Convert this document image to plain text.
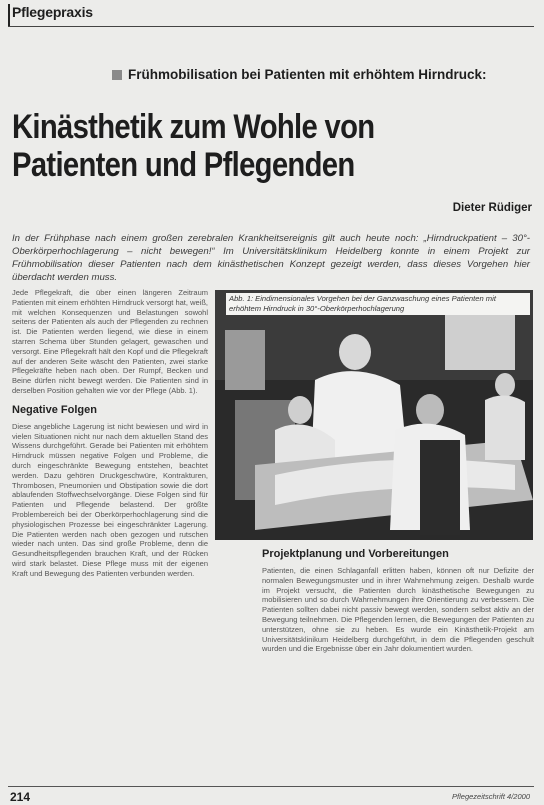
Pflegepraxis
Frühmobilisation bei Patienten mit erhöhtem Hirndruck:
Kinästhetik zum Wohle von
Patienten und Pflegenden
Dieter Rüdiger
In der Frühphase nach einem großen zerebralen Krankheitsereignis gilt auch heute noch: „Hirndruckpatient – 30°-Oberkörperhochlagerung – nicht bewegen!“ Im Universitätsklinikum Heidelberg konnte in einem Projekt zur Frühmobilisation dieser Patienten nach dem kinästhetischen Konzept gezeigt werden, dass dieses Vorgehen hier überdacht werden muss.

Jede Pflegekraft, die über einen längeren Zeitraum Patienten mit einem erhöhten Hirndruck versorgt hat, weiß, mit welchen Konsequenzen und Belastungen sowohl seitens der Patienten als auch der Pflegenden zu rechnen ist. Die Patienten werden liegend, wie diese in einem starren Schema über Stunden gelagert, gewaschen und versorgt. Eine Pflegekraft hält den Kopf und die Pflegekraft auf der anderen Seite wäscht den Patienten, zwei starke Pflegekräfte heben nach oben. Der Rumpf, Becken und Beine dürfen nicht bewegt werden. Die Patienten sind in derselben Position gehalten wie vor der Pflege (Abb. 1).

Negative Folgen

Diese angebliche Lagerung ist nicht bewiesen und wird in vielen Situationen nicht nur nach dem aktuellen Stand des Wissens durchgeführt. Gerade bei Patienten mit erhöhtem Hirndruck müssen negative Folgen und Probleme, die durch eingeschränkte Bewegung entstehen, beachtet werden. Dazu gehören Druckgeschwüre, Kontrakturen, Thrombosen, Pneumonien und Obstipation sowie die dort ablaufenden Stoffwechselvorgänge. Diese Folgen sind für Patienten und Pflegende belastend. Der größte Problembereich bei der Oberkörperhochlagerung sind die physiologischen Prozesse bei eingeschränkter Lagerung. Die Patienten werden nach oben gezogen und rutschen wieder nach unten. Das sind große Probleme, denn die Gesundheitspflegenden brauchen Kraft, und der Rücken wird stark belastet. Diese Pflege muss mit der eigenen Kraft und Bewegung des Patienten verbunden werden.

Abb. 1: Eindimensionales Vorgehen bei der Ganzwaschung eines Patienten mit erhöhtem Hirndruck in 30°-Oberkörperhochlagerung
Projektplanung und Vorbereitungen

Patienten, die einen Schlaganfall erlitten haben, können oft nur Defizite der normalen Bewegungsmuster und in ihrer Wahrnehmung zeigen. Deshalb wurde im Projekt versucht, die Patienten durch kinästhetische Bewegungen zu mobilisieren und so durch Wahrnehmungen ihre Orientierung zu verbessern. Die Patienten sollten dabei nicht passiv bewegt werden, sondern selbst aktiv an der Bewegung teilnehmen. Die Pflegenden lernen, die Bewegungen der Patienten zu unterstützen, ohne sie zu heben. Es wurde ein Kinästhetik-Projekt am Universitätsklinikum Heidelberg durchgeführt, in dem die Pflegenden geschult wurden und die Ergebnisse über ein Jahr dokumentiert wurden.

214	Pflegezeitschrift 4/2000
